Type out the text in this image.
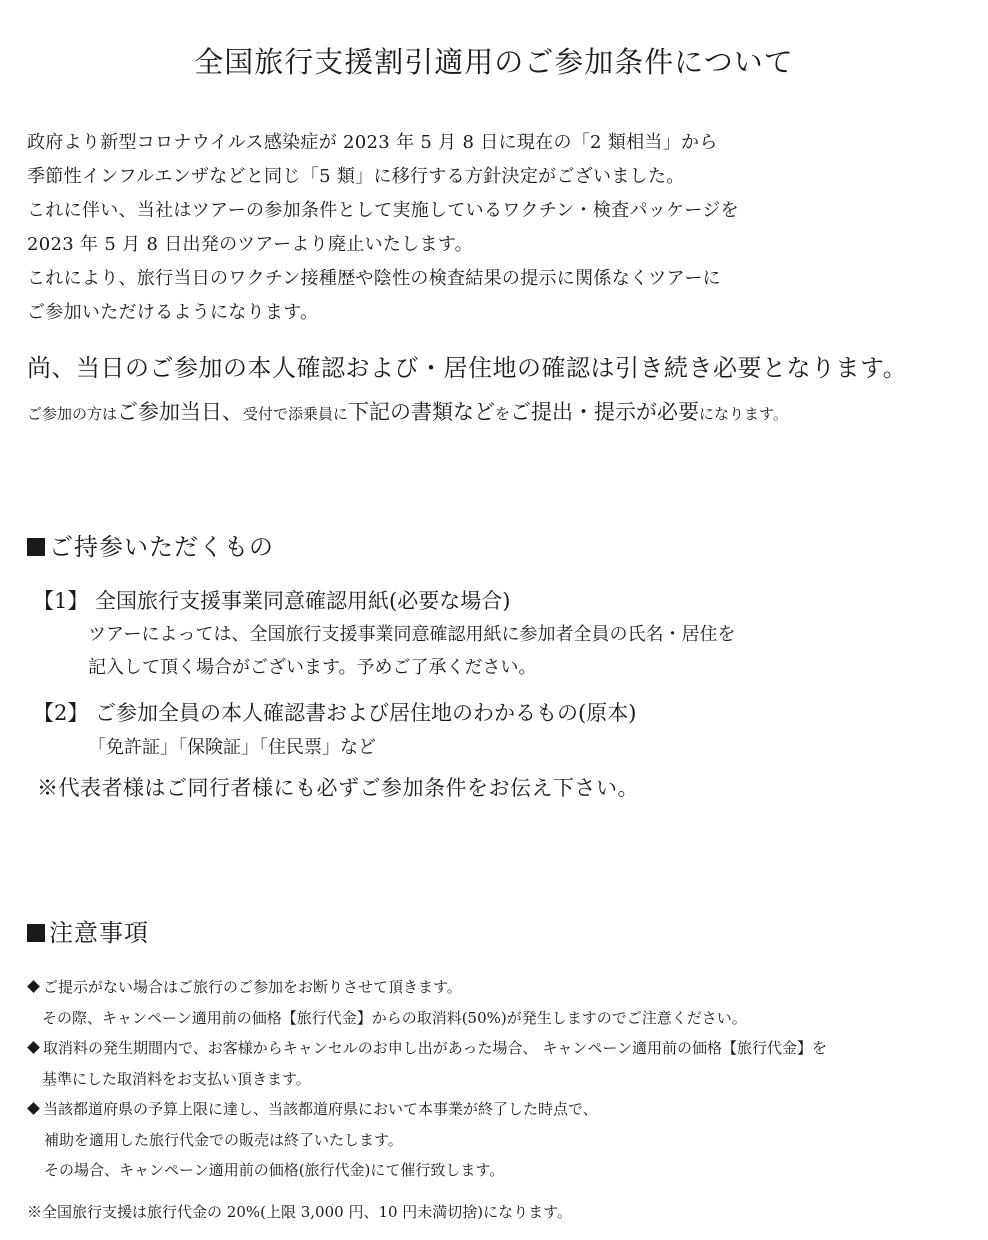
全国旅行支援割引適用のご参加条件について
政府より新型コロナウイルス感染症が 2023 年 5 月 8 日に現在の「2 類相当」から
季節性インフルエンザなどと同じ「5 類」に移行する方針決定がございました。
これに伴い、当社はツアーの参加条件として実施しているワクチン・検査パッケージを
2023 年 5 月 8 日出発のツアーより廃止いたします。
これにより、旅行当日のワクチン接種歴や陰性の検査結果の提示に関係なくツアーに
ご参加いただけるようになります。
尚、当日のご参加の本人確認および・居住地の確認は引き続き必要となります。
ご参加の方はご参加当日、受付で添乗員に下記の書類などをご提出・提示が必要になります。
ご持参いただくもの
【1】 全国旅行支援事業同意確認用紙(必要な場合)
ツアーによっては、全国旅行支援事業同意確認用紙に参加者全員の氏名・居住を
記入して頂く場合がございます。予めご了承ください。
【2】 ご参加全員の本人確認書および居住地のわかるもの(原本)
「免許証」「保険証」「住民票」など
※代表者様はご同行者様にも必ずご参加条件をお伝え下さい。
注意事項
ご提示がない場合はご旅行のご参加をお断りさせて頂きます。
その際、キャンペーン適用前の価格【旅行代金】からの取消料(50%)が発生しますのでご注意ください。
取消料の発生期間内で、お客様からキャンセルのお申し出があった場合、 キャンペーン適用前の価格【旅行代金】を
基準にした取消料をお支払い頂きます。
当該都道府県の予算上限に達し、当該都道府県において本事業が終了した時点で、
補助を適用した旅行代金での販売は終了いたします。
その場合、キャンペーン適用前の価格(旅行代金)にて催行致します。
※全国旅行支援は旅行代金の 20%(上限 3,000 円、10 円未満切捨)になります。
